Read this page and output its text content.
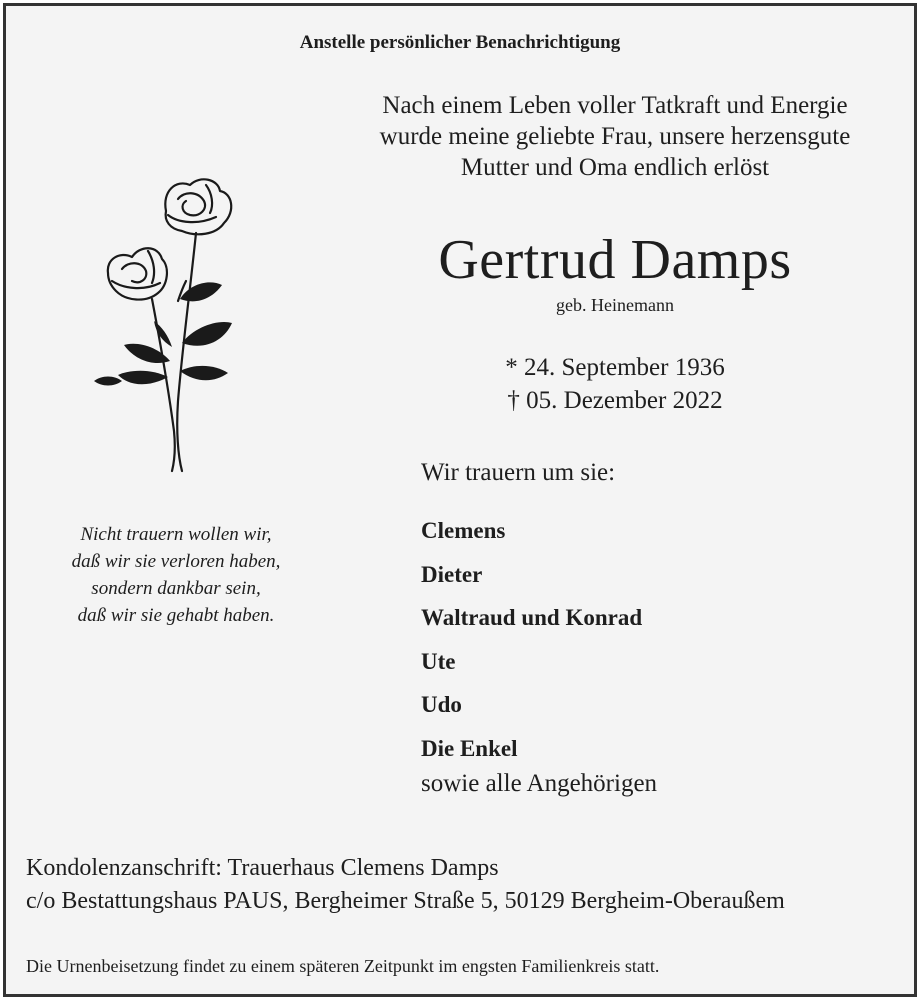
Anstelle persönlicher Benachrichtigung
Nach einem Leben voller Tatkraft und Energie
wurde meine geliebte Frau, unsere herzensgute
Mutter und Oma endlich erlöst
Gertrud Damps
geb. Heinemann
* 24. September 1936
† 05. Dezember 2022
Nicht trauern wollen wir,
daß wir sie verloren haben,
sondern dankbar sein,
daß wir sie gehabt haben.
Wir trauern um sie:
Clemens
Dieter
Waltraud und Konrad
Ute
Udo
Die Enkel
sowie alle Angehörigen
Kondolenzanschrift: Trauerhaus Clemens Damps
c/o Bestattungshaus PAUS, Bergheimer Straße 5, 50129 Bergheim-Oberaußem
Die Urnenbeisetzung findet zu einem späteren Zeitpunkt im engsten Familienkreis statt.
